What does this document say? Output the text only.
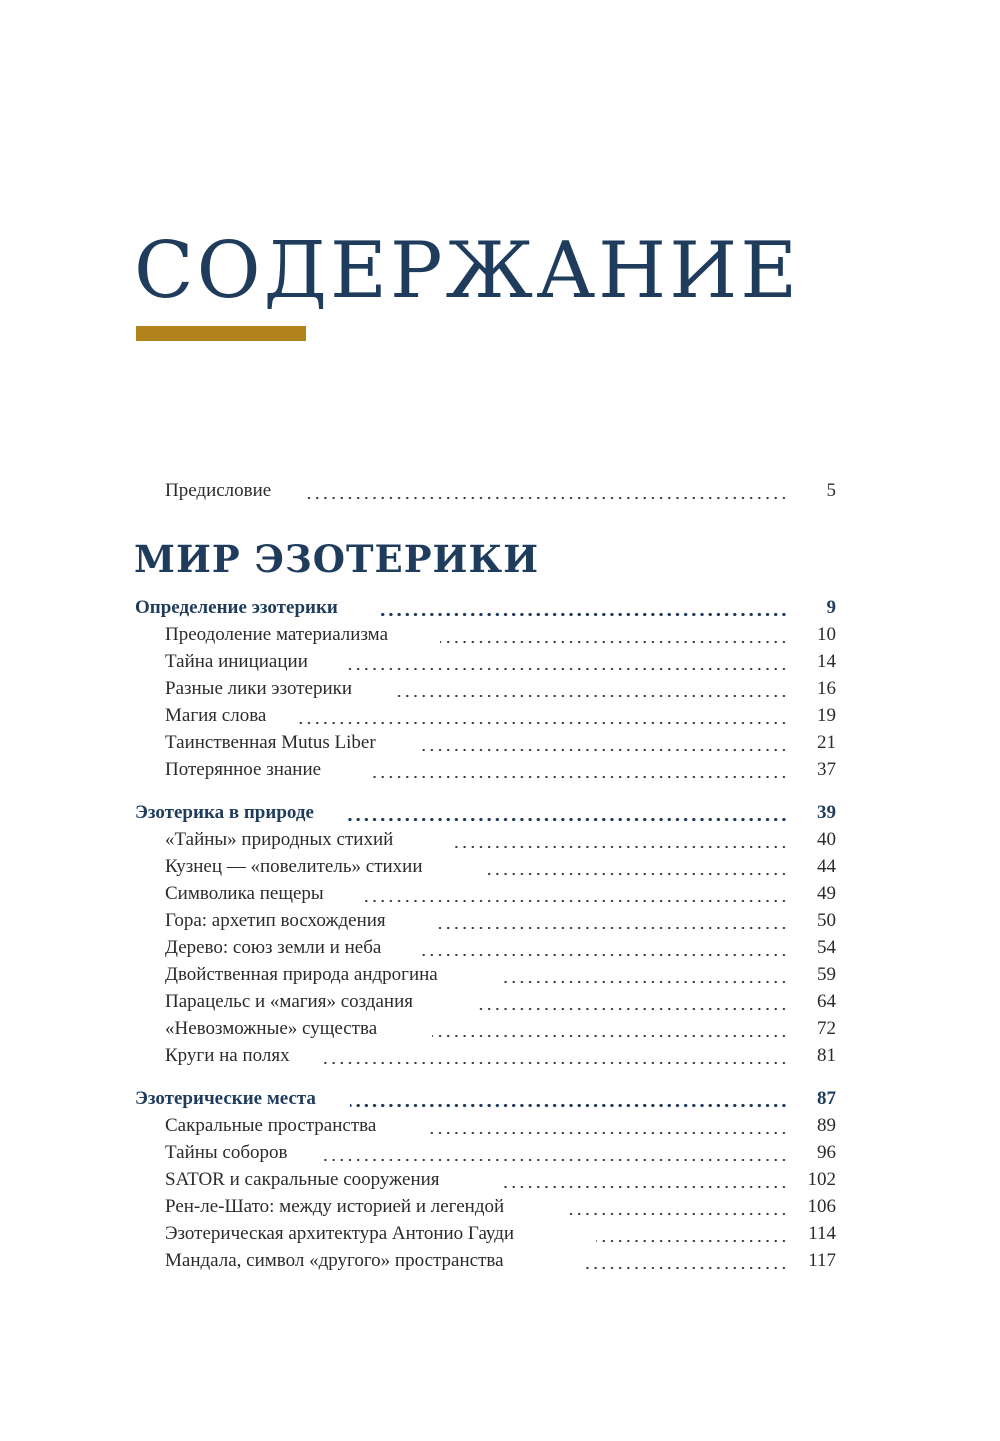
СОДЕРЖАНИЕ
Предисловие	5
МИР ЭЗОТЕРИКИ
Определение эзотерики	9
Преодоление материализма	10
Тайна инициации	14
Разные лики эзотерики	16
Магия слова	19
Таинственная Mutus Liber	21
Потерянное знание	37
Эзотерика в природе	39
«Тайны» природных стихий	40
Кузнец — «повелитель» стихии	44
Символика пещеры	49
Гора: архетип восхождения	50
Дерево: союз земли и неба	54
Двойственная природа андрогина	59
Парацельс и «магия» создания	64
«Невозможные» существа	72
Круги на полях	81
Эзотерические места	87
Сакральные пространства	89
Тайны соборов	96
SATOR и сакральные сооружения	102
Рен-ле-Шато: между историей и легендой	106
Эзотерическая архитектура Антонио Гауди	114
Мандала, символ «другого» пространства	117
